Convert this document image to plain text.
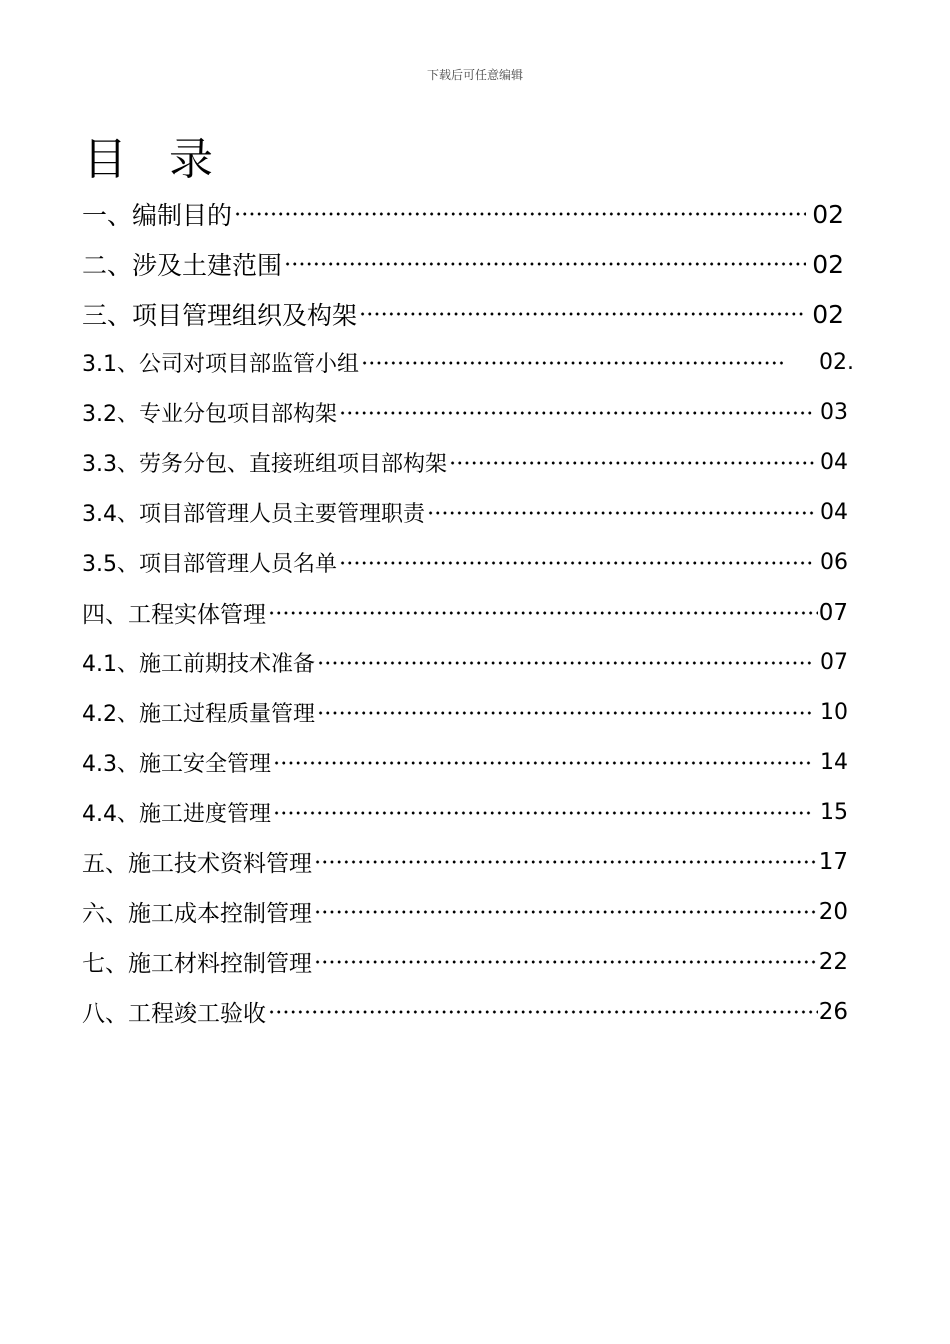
下载后可任意编辑
目 录
一、编制目的	02
二、涉及土建范围	02
三、项目管理组织及构架	02
3.1、公司对项目部监管小组	02.
3.2、专业分包项目部构架	03
3.3、劳务分包、直接班组项目部构架	04
3.4、项目部管理人员主要管理职责	04
3.5、项目部管理人员名单	06
四、工程实体管理	07
4.1、施工前期技术准备	07
4.2、施工过程质量管理	10
4.3、施工安全管理	14
4.4、施工进度管理	15
五、施工技术资料管理	17
六、施工成本控制管理	20
七、施工材料控制管理	22
八、工程竣工验收	26
